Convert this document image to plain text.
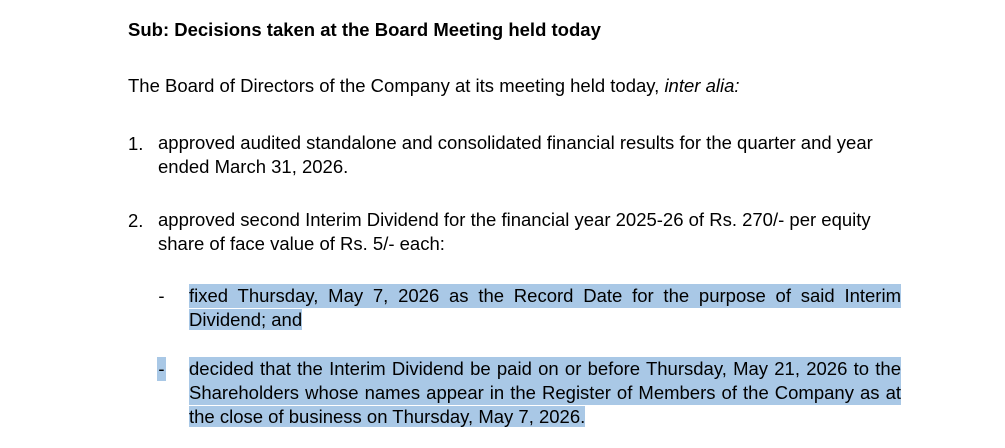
Sub: Decisions taken at the Board Meeting held today
The Board of Directors of the Company at its meeting held today, inter alia:
1. approved audited standalone and consolidated financial results for the quarter and year
ended March 31, 2026.
2. approved second Interim Dividend for the financial year 2025-26 of Rs. 270/- per equity
share of face value of Rs. 5/- each:
- fixed Thursday, May 7, 2026 as the Record Date for the purpose of said Interim
Dividend; and
- decided that the Interim Dividend be paid on or before Thursday, May 21, 2026 to the
Shareholders whose names appear in the Register of Members of the Company as at
the close of business on Thursday, May 7, 2026.
